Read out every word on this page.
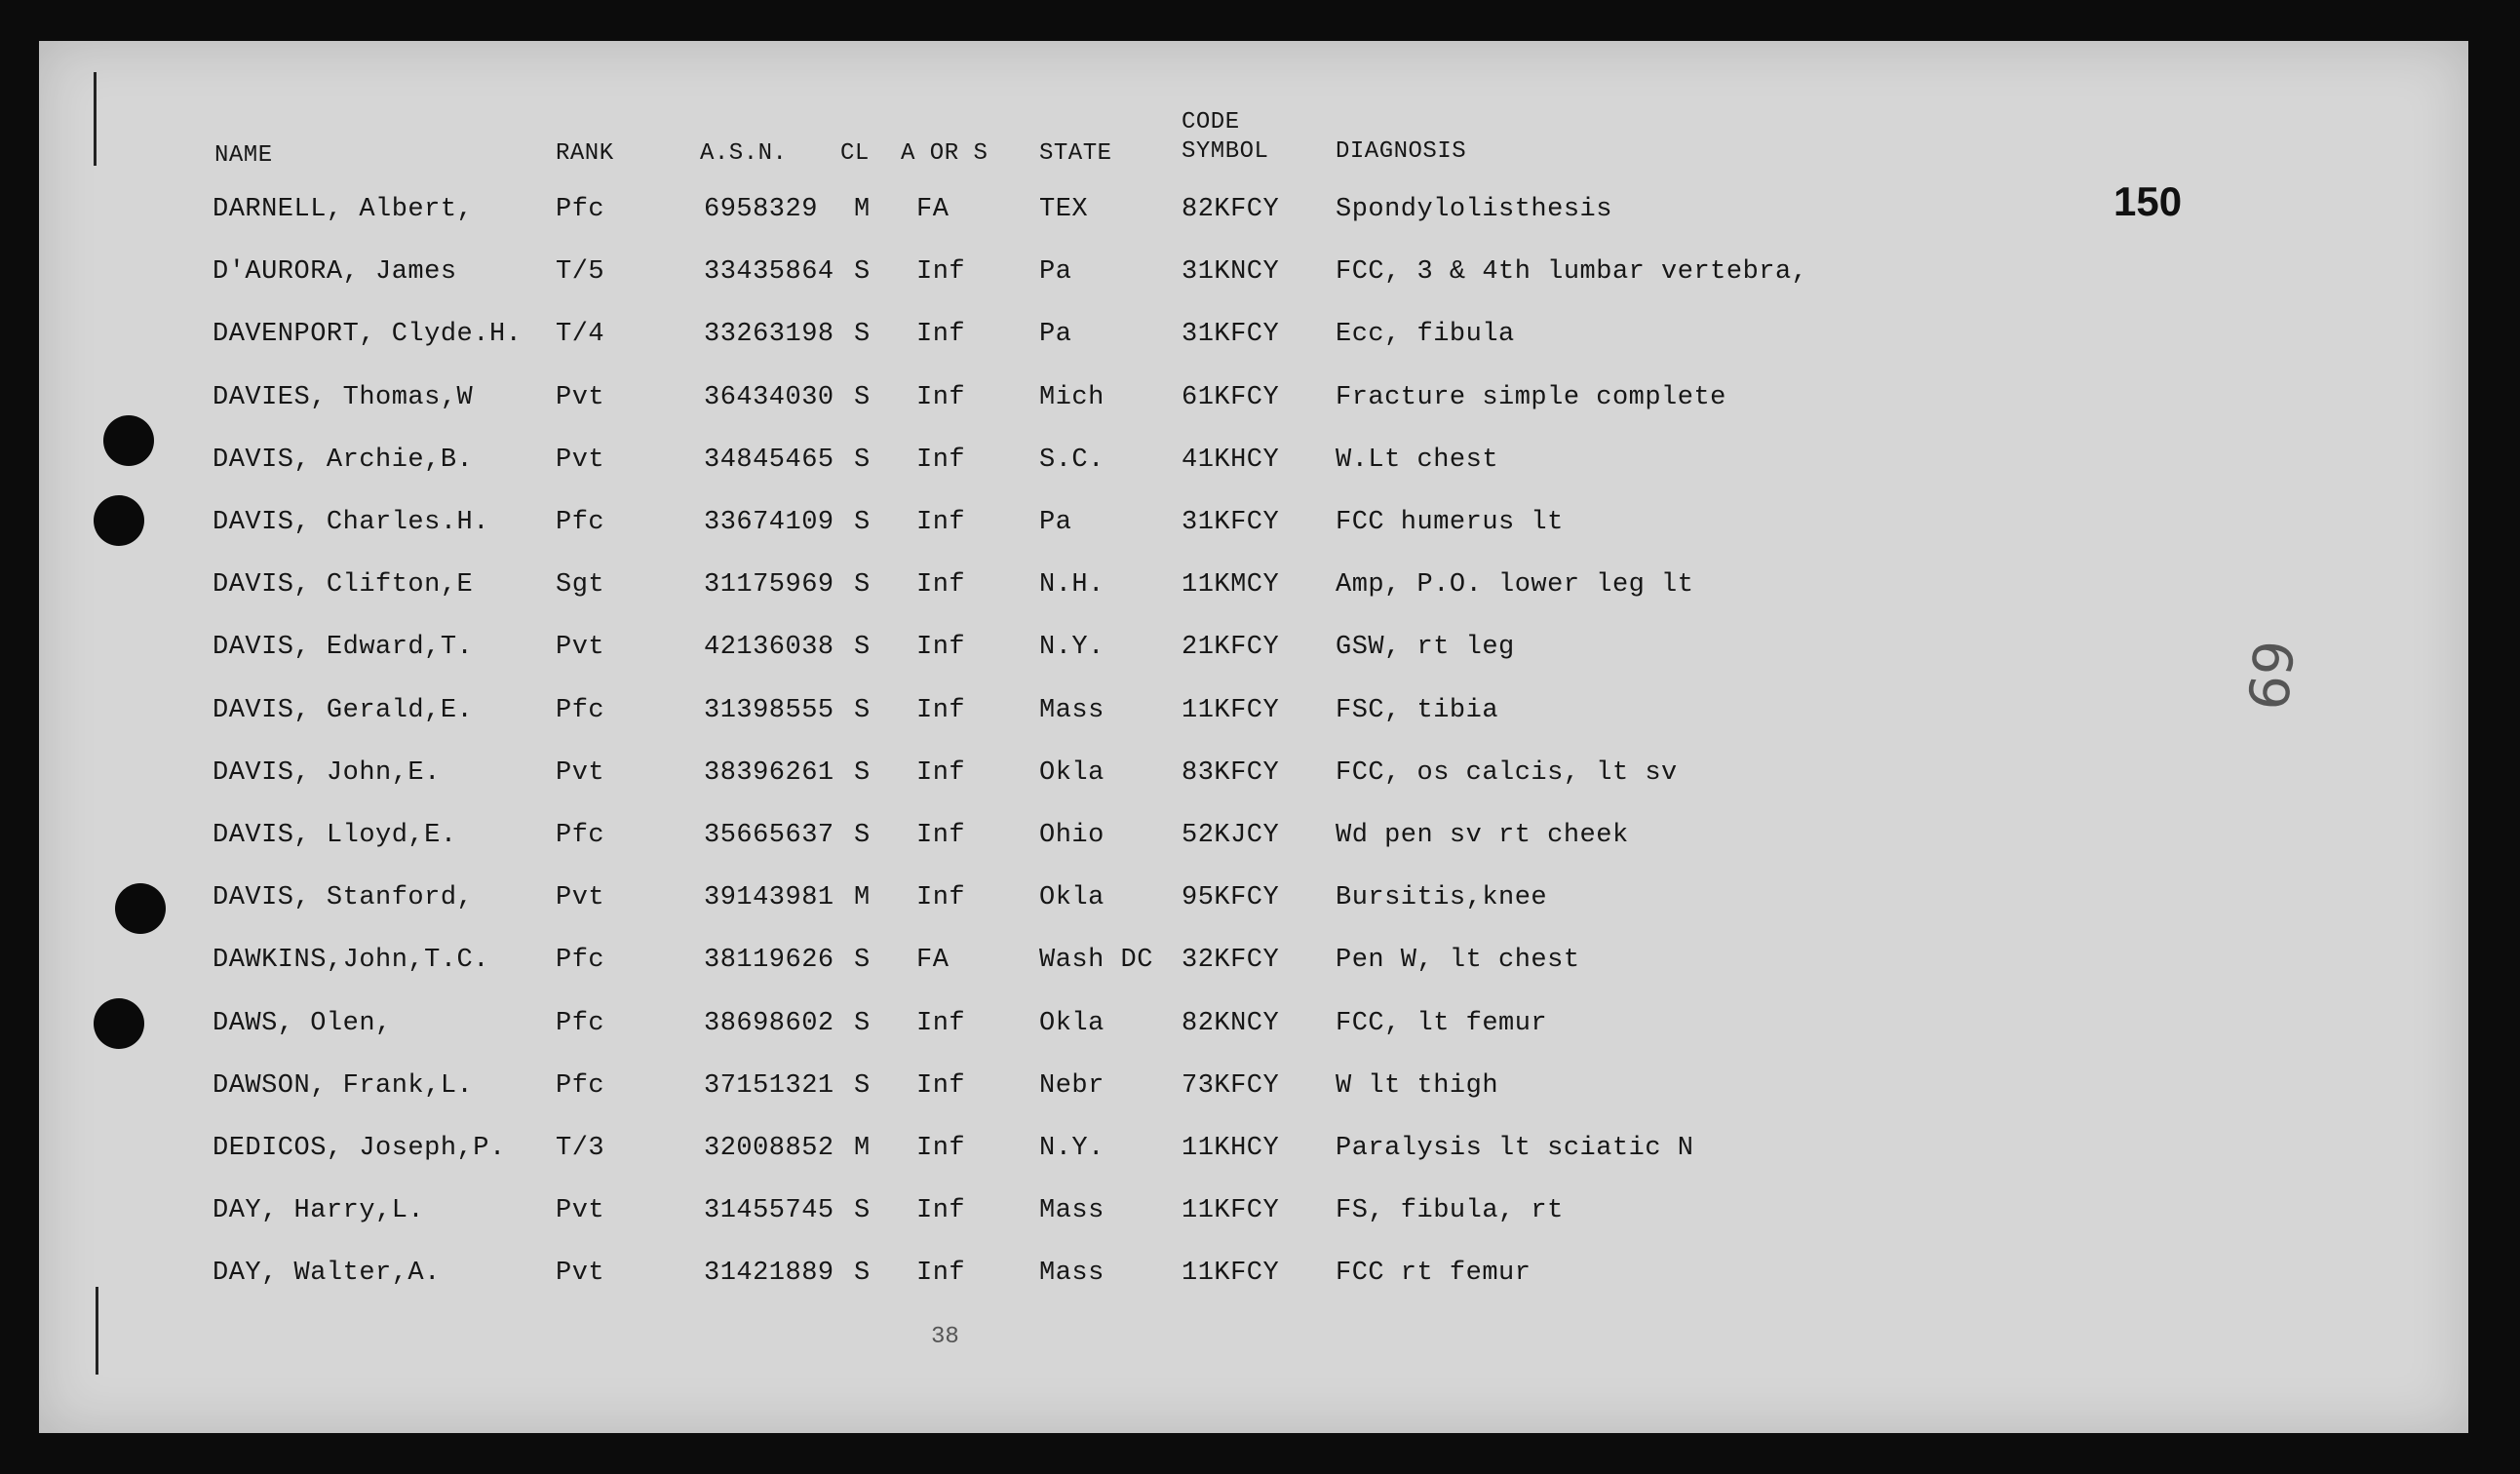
NAME	RANK	A.S.N. CL A OR S STATE
CODE
SYMBOL	DIAGNOSIS
150
69
DARNELL, Albert,	Pfc	6958329 M FA	TEX	82KFCY Spondylolisthesis
D'AURORA, James	T/5	33435864 S Inf	Pa	31KNCY FCC, 3 & 4th lumbar vertebra,
DAVENPORT, Clyde.H. T/4	33263198 S Inf	Pa	31KFCY Ecc, fibula
DAVIES, Thomas,W	Pvt	36434030 S Inf	Mich	61KFCY Fracture simple complete
DAVIS, Archie,B.	Pvt	34845465 S Inf	S.C.	41KHCY W.Lt chest
DAVIS, Charles.H.	Pfc	33674109 S Inf	Pa	31KFCY FCC humerus lt
DAVIS, Clifton,E	Sgt	31175969 S Inf	N.H.	11KMCY Amp, P.O. lower leg lt
DAVIS, Edward,T.	Pvt	42136038 S Inf	N.Y.	21KFCY GSW, rt leg
DAVIS, Gerald,E.	Pfc	31398555 S Inf	Mass	11KFCY FSC, tibia
DAVIS, John,E.	Pvt	38396261 S Inf	Okla	83KFCY FCC, os calcis, lt sv
DAVIS, Lloyd,E.	Pfc	35665637 S Inf	Ohio	52KJCY Wd pen sv rt cheek
DAVIS, Stanford,	Pvt	39143981 M Inf	Okla	95KFCY Bursitis,knee
DAWKINS,John,T.C.	Pfc	38119626 S FA	Wash DC 32KFCY Pen W, lt chest
DAWS, Olen,	Pfc	38698602 S Inf	Okla	82KNCY FCC, lt femur
DAWSON, Frank,L.	Pfc	37151321 S Inf	Nebr	73KFCY W lt thigh
DEDICOS, Joseph,P. T/3	32008852 M Inf	N.Y.	11KHCY Paralysis lt sciatic N
DAY, Harry,L.	Pvt	31455745 S Inf	Mass	11KFCY FS, fibula, rt
DAY, Walter,A.	Pvt	31421889 S Inf	Mass	11KFCY FCC rt femur
38
